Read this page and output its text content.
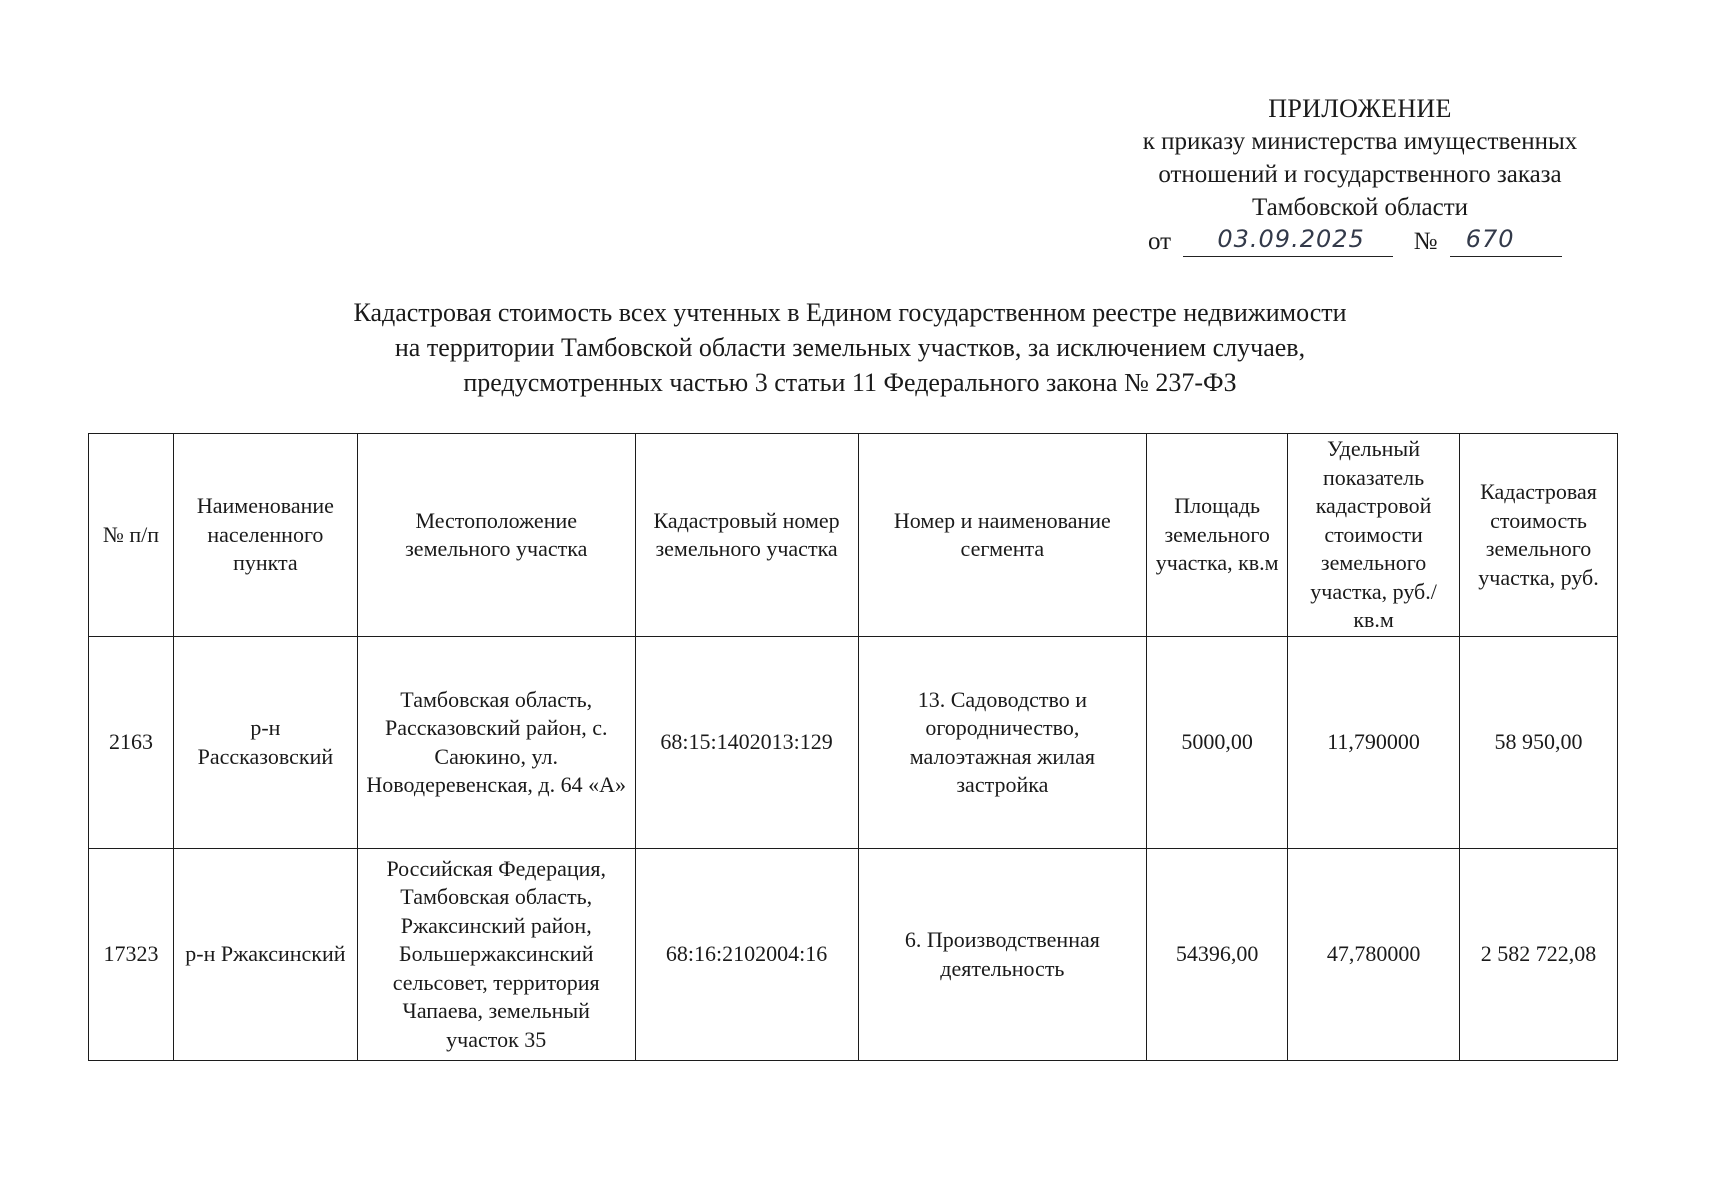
ПРИЛОЖЕНИЕ
к приказу министерства имущественных
отношений и государственного заказа
Тамбовской области
от 03.09.2025 № 670
Кадастровая стоимость всех учтенных в Едином государственном реестре недвижимости
на территории Тамбовской области земельных участков, за исключением случаев,
предусмотренных частью 3 статьи 11 Федерального закона № 237-ФЗ
№ п/п	Наименование населенного пункта	Местоположение земельного участка	Кадастровый номер земельного участка	Номер и наименование сегмента	Площадь земельного участка, кв.м	Удельный показатель кадастровой стоимости земельного участка, руб./кв.м	Кадастровая стоимость земельного участка, руб.
2163	р-н Рассказовский	Тамбовская область, Рассказовский район, с. Саюкино, ул. Новодеревенская, д. 64 «А»	68:15:1402013:129	13. Садоводство и огородничество, малоэтажная жилая застройка	5000,00	11,790000	58 950,00
17323	р-н Ржаксинский	Российская Федерация, Тамбовская область, Ржаксинский район, Большержаксинский сельсовет, территория Чапаева, земельный участок 35	68:16:2102004:16	6. Производственная деятельность	54396,00	47,780000	2 582 722,08
